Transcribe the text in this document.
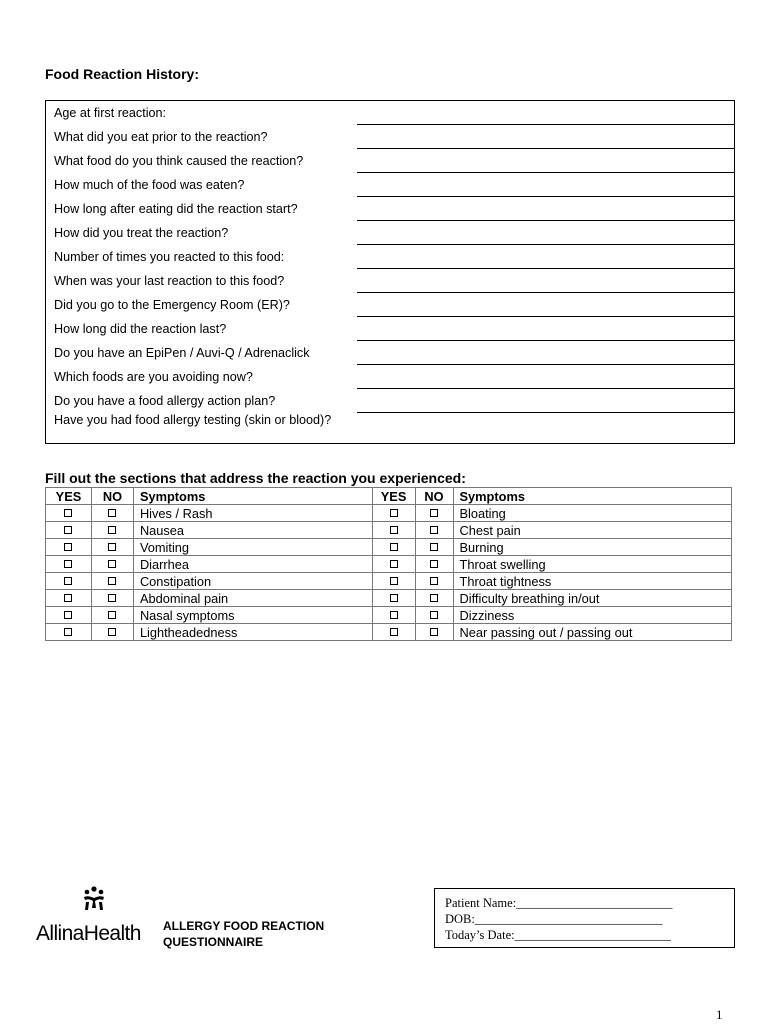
Food Reaction History:
Age at first reaction:
What did you eat prior to the reaction?
What food do you think caused the reaction?
How much of the food was eaten?
How long after eating did the reaction start?
How did you treat the reaction?
Number of times you reacted to this food:
When was your last reaction to this food?
Did you go to the Emergency Room (ER)?
How long did the reaction last?
Do you have an EpiPen / Auvi-Q / Adrenaclick
Which foods are you avoiding now?
Do you have a food allergy action plan?
Have you had food allergy testing (skin or blood)?
Fill out the sections that address the reaction you experienced:
YES	NO	Symptoms	YES	NO	Symptoms
		Hives / Rash			Bloating
		Nausea			Chest pain
		Vomiting			Burning
		Diarrhea			Throat swelling
		Constipation			Throat tightness
		Abdominal pain			Difficulty breathing in/out
		Nasal symptoms			Dizziness
		Lightheadedness			Near passing out / passing out
AllinaHealth ALLERGY FOOD REACTION
QUESTIONNAIRE
Patient Name:_________________________
DOB:______________________________
Today’s Date:_________________________
1
